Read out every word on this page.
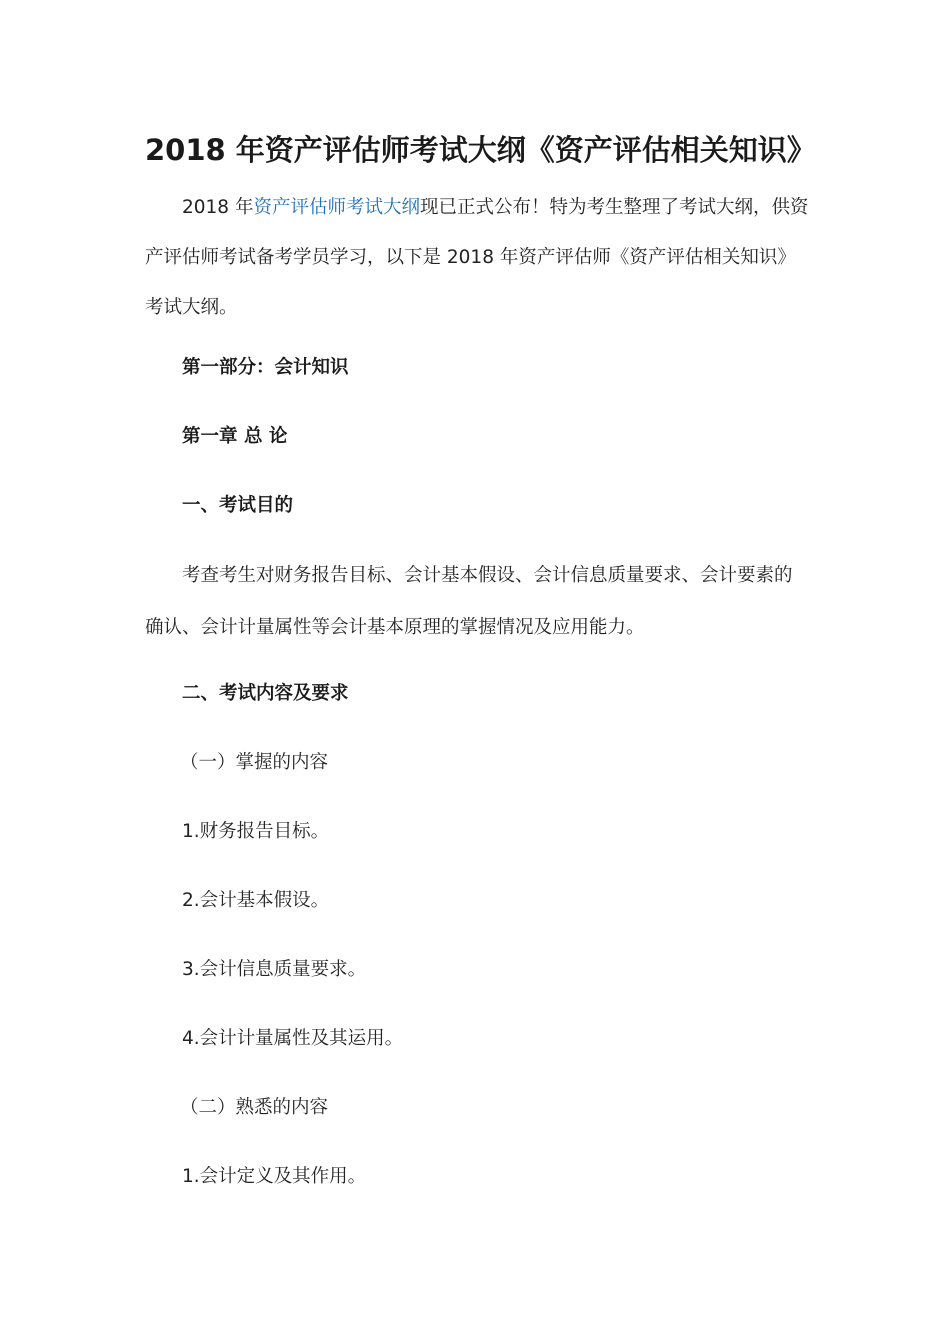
2018 年资产评估师考试大纲《资产评估相关知识》

2018 年资产评估师考试大纲现已正式公布！特为考生整理了考试大纲，供资产评估师考试备考学员学习，以下是 2018 年资产评估师《资产评估相关知识》考试大纲。

第一部分：会计知识

第一章 总 论

一、考试目的

考查考生对财务报告目标、会计基本假设、会计信息质量要求、会计要素的确认、会计计量属性等会计基本原理的掌握情况及应用能力。

二、考试内容及要求

（一）掌握的内容

1.财务报告目标。

2.会计基本假设。

3.会计信息质量要求。

4.会计计量属性及其运用。

（二）熟悉的内容

1.会计定义及其作用。
